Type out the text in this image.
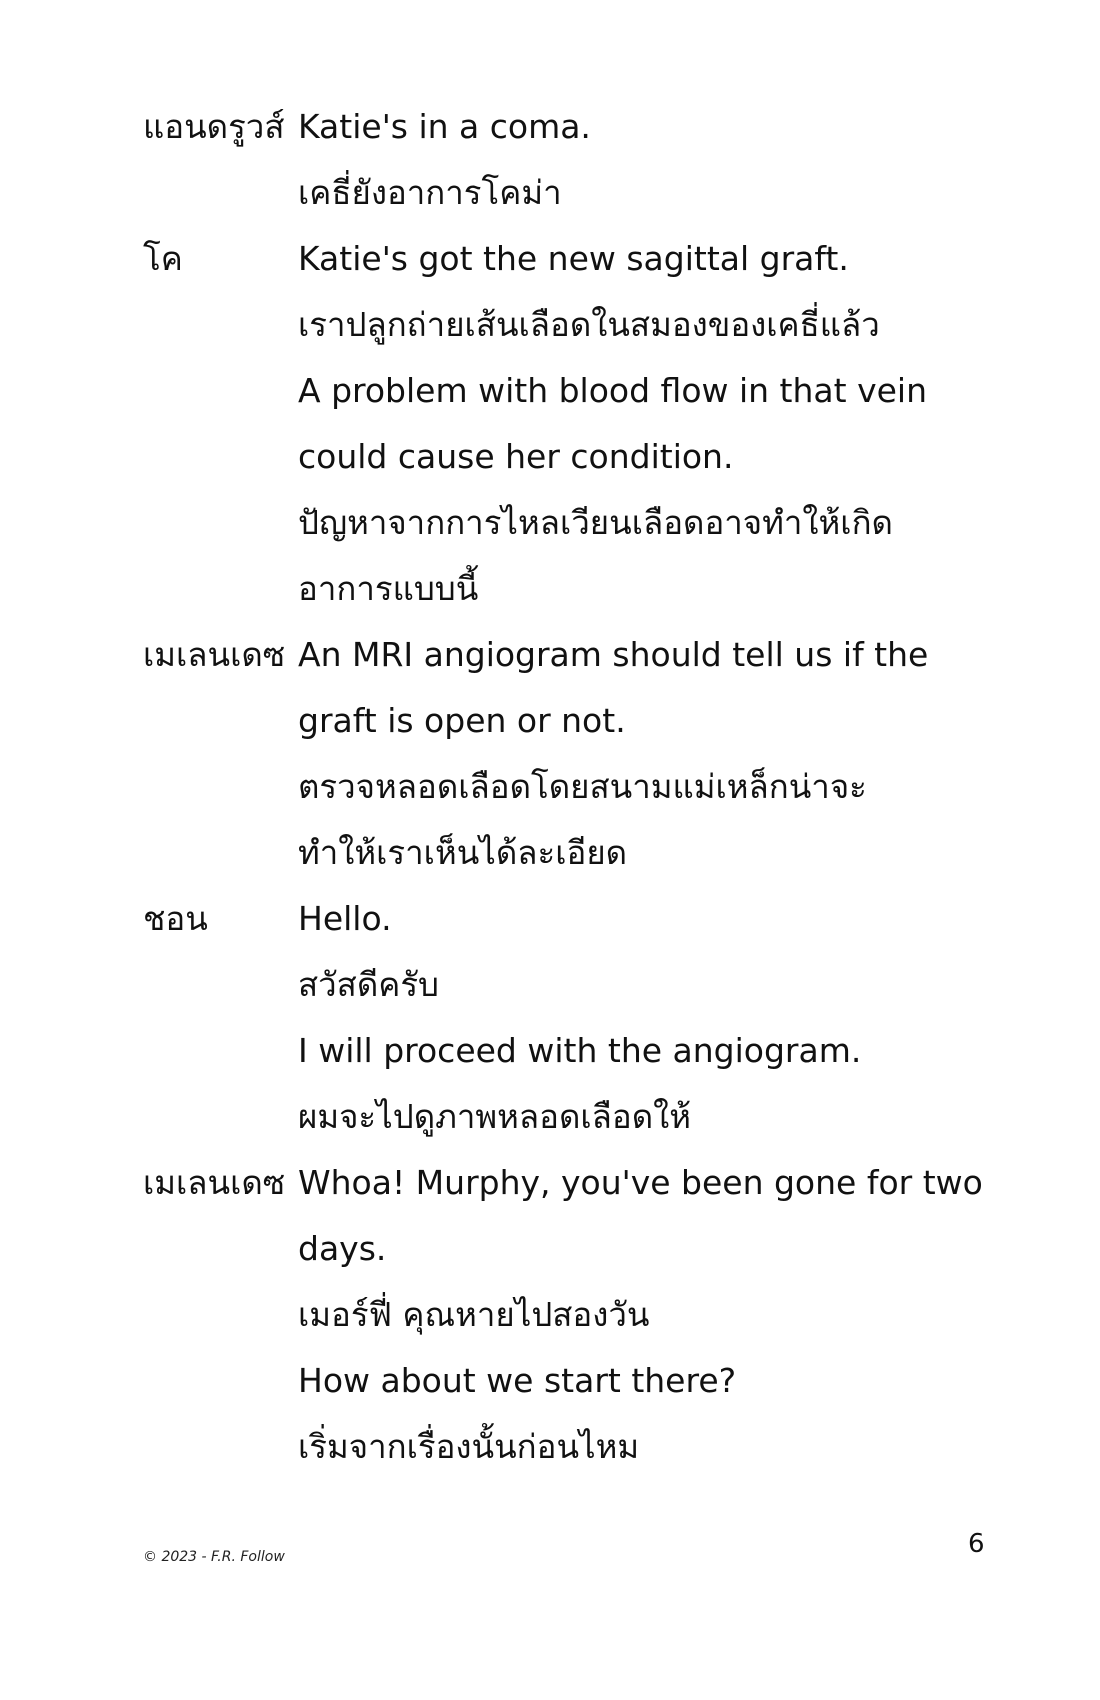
แอนดรูวส์ Katie's in a coma.
เคธี่ยังอาการโคม่า
โค	Katie's got the new sagittal graft.
เราปลูกถ่ายเส้นเลือดในสมองของเคธี่แล้ว
A problem with blood flow in that vein
could cause her condition.
ปัญหาจากการไหลเวียนเลือดอาจทำให้เกิด
อาการแบบนี้
เมเลนเดซ An MRI angiogram should tell us if the
graft is open or not.
ตรวจหลอดเลือดโดยสนามแม่เหล็กน่าจะ
ทำให้เราเห็นได้ละเอียด
ชอน	Hello.
สวัสดีครับ
I will proceed with the angiogram.
ผมจะไปดูภาพหลอดเลือดให้
เมเลนเดซ Whoa! Murphy, you've been gone for two
days.
เมอร์ฟี่ คุณหายไปสองวัน
How about we start there?
เริ่มจากเรื่องนั้นก่อนไหม
© 2023 - F.R. Follow	6
